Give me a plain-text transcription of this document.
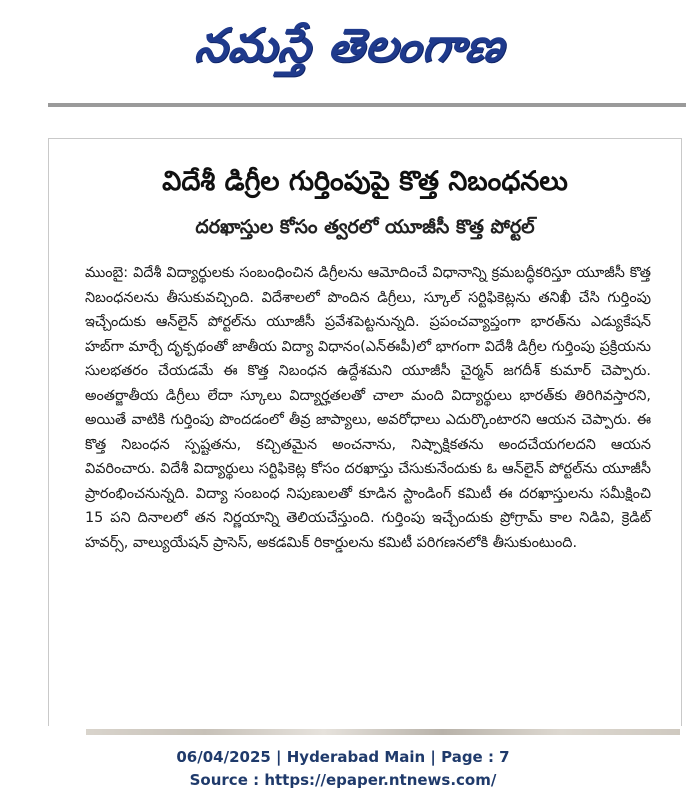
నమస్తే తెలంగాణ
విదేశీ డిగ్రీల గుర్తింపుపై కొత్త నిబంధనలు
దరఖాస్తుల కోసం త్వరలో యూజీసీ కొత్త పోర్టల్
ముంబై: విదేశీ విద్యార్థులకు సంబంధించిన డిగ్రీలను ఆమోదించే విధానాన్ని క్రమబద్ధీకరిస్తూ యూజీసీ కొత్త నిబంధనలను తీసుకువచ్చింది. విదేశాలలో పొందిన డిగ్రీలు, స్కూల్ సర్టిఫికెట్లను తనిఖీ చేసి గుర్తింపు ఇచ్చేందుకు ఆన్‌లైన్ పోర్టల్‌ను యూజీసీ ప్రవేశపెట్టనున్నది. ప్రపంచవ్యాప్తంగా భారత్‌ను ఎడ్యుకేషన్ హబ్‌గా మార్చే దృక్పథంతో జాతీయ విద్యా విధానం(ఎన్ఈపీ)లో భాగంగా విదేశీ డిగ్రీల గుర్తింపు ప్రక్రియను సులభతరం చేయడమే ఈ కొత్త నిబంధన ఉద్దేశమని యూజీసీ చైర్మన్ జగదీశ్ కుమార్ చెప్పారు. అంతర్జాతీయ డిగ్రీలు లేదా స్కూలు విద్యార్హతలతో చాలా మంది విద్యార్థులు భారత్‌కు తిరిగివస్తారని, అయితే వాటికి గుర్తింపు పొందడంలో తీవ్ర జాప్యాలు, అవరోధాలు ఎదుర్కొంటారని ఆయన చెప్పారు. ఈ కొత్త నిబంధన స్పష్టతను, కచ్చితమైన అంచనాను, నిష్పాక్షికతను అందచేయగలదని ఆయన వివరించారు. విదేశీ విద్యార్థులు సర్టిఫికెట్ల కోసం దరఖాస్తు చేసుకునేందుకు ఓ ఆన్‌లైన్ పోర్టల్‌ను యూజీసీ ప్రారంభించనున్నది. విద్యా సంబంధ నిపుణులతో కూడిన స్టాండింగ్ కమిటీ ఈ దరఖాస్తులను సమీక్షించి 15 పని దినాలలో తన నిర్ణయాన్ని తెలియచేస్తుంది. గుర్తింపు ఇచ్చేందుకు ప్రోగ్రామ్ కాల నిడివి, క్రెడిట్ హవర్స్, వాల్యుయేషన్ ప్రాసెస్, అకడమిక్ రికార్డులను కమిటీ పరిగణనలోకి తీసుకుంటుంది.
06/04/2025 | Hyderabad Main | Page : 7
Source : https://epaper.ntnews.com/
